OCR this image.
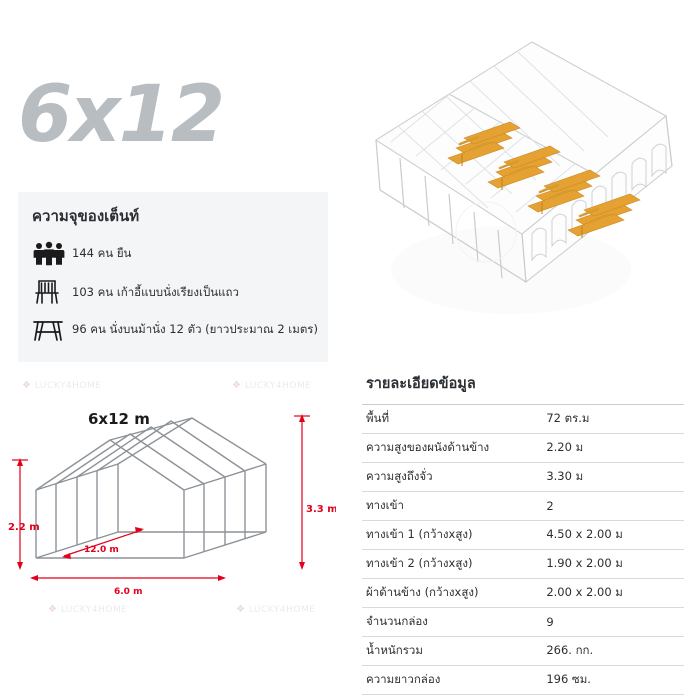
6x12
ความจุของเต็นท์
144 คน ยืน
103 คน เก้าอี้แบบนั่งเรียงเป็นแถว
96 คน นั่งบนม้านั่ง 12 ตัว (ยาวประมาณ 2 เมตร)
6x12 m
2.2 m
3.3 m
12.0 m
6.0 m
รายละเอียดข้อมูล
พื้นที่	72 ตร.ม
ความสูงของผนังด้านข้าง	2.20 ม
ความสูงถึงจั่ว	3.30 ม
ทางเข้า	2
ทางเข้า 1 (กว้างxสูง)	4.50 x 2.00 ม
ทางเข้า 2 (กว้างxสูง)	1.90 x 2.00 ม
ผ้าด้านข้าง (กว้างxสูง)	2.00 x 2.00 ม
จำนวนกล่อง	9
น้ำหนักรวม	266. กก.
ความยาวกล่อง	196 ซม.
❖ LUCKY4HOME	❖ LUCKY4HOME
❖ LUCKY4HOME	❖ LUCKY4HOME
